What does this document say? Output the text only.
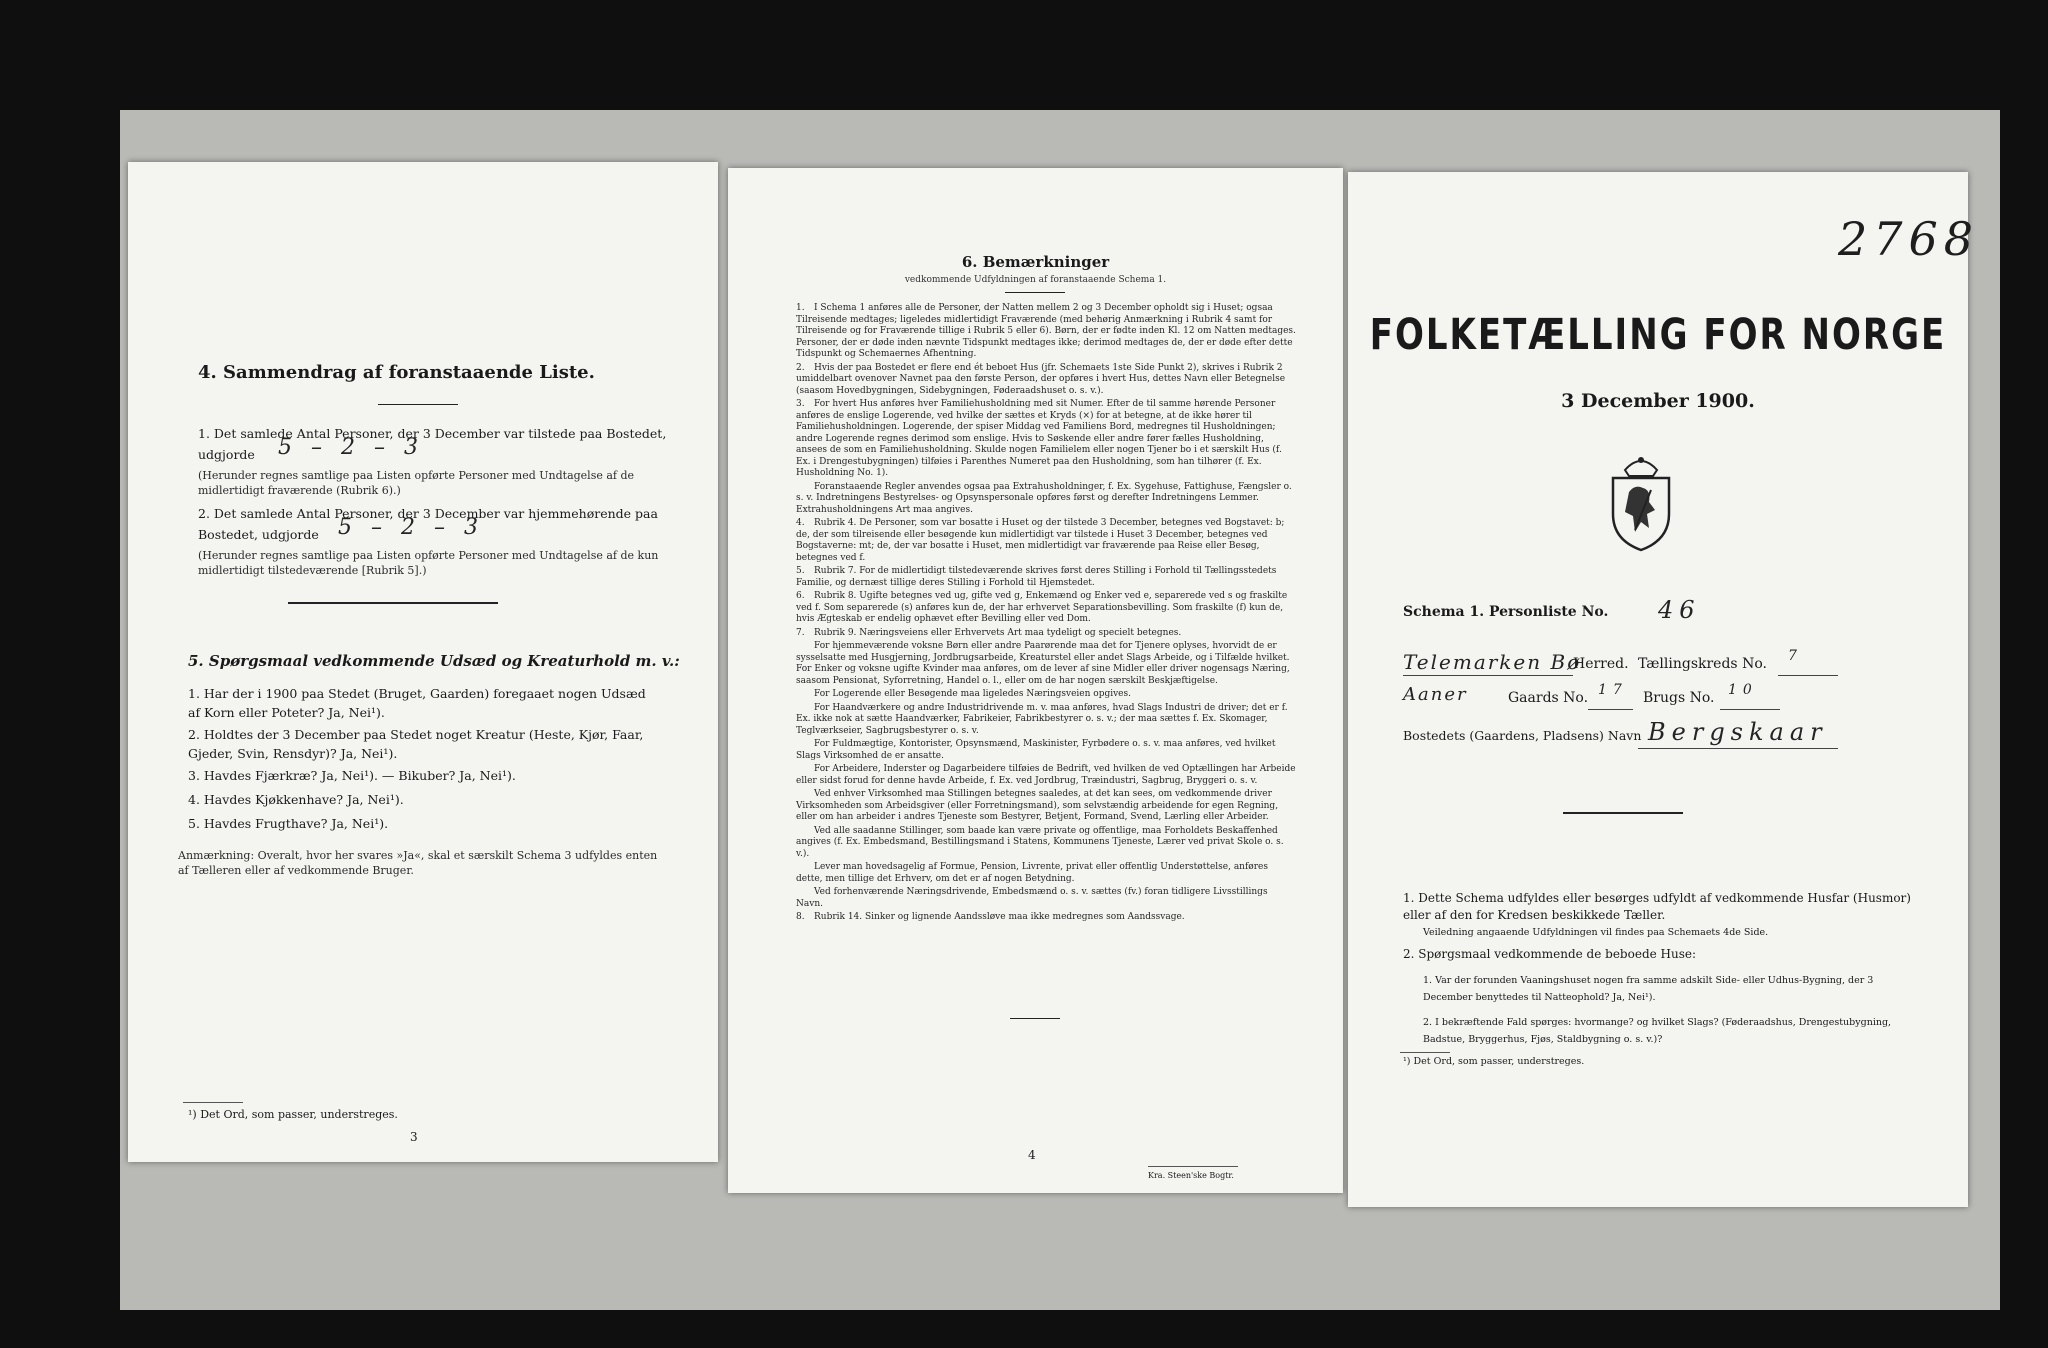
4. Sammendrag af foranstaaende Liste.
1. Det samlede Antal Personer, der 3 December var tilstede paa Bostedet,
udgjorde 5 – 2 – 3
(Herunder regnes samtlige paa Listen opførte Personer med Undtagelse af de midlertidigt fraværende (Rubrik 6).)
2. Det samlede Antal Personer, der 3 December var hjemmehørende paa
Bostedet, udgjorde 5 – 2 – 3
(Herunder regnes samtlige paa Listen opførte Personer med Undtagelse af de kun midlertidigt tilstedeværende [Rubrik 5].)
5. Spørgsmaal vedkommende Udsæd og Kreaturhold m. v.:
1. Har der i 1900 paa Stedet (Bruget, Gaarden) foregaaet nogen Udsæd af Korn eller Poteter? Ja, Nei¹).
2. Holdtes der 3 December paa Stedet noget Kreatur (Heste, Kjør, Faar, Gjeder, Svin, Rensdyr)? Ja, Nei¹).
3. Havdes Fjærkræ? Ja, Nei¹). — Bikuber? Ja, Nei¹).
4. Havdes Kjøkkenhave? Ja, Nei¹).
5. Havdes Frugthave? Ja, Nei¹).
Anmærkning: Overalt, hvor her svares »Ja«, skal et særskilt Schema 3 udfyldes enten af Tælleren eller af vedkommende Bruger.
¹) Det Ord, som passer, understreges.
3
6. Bemærkninger
vedkommende Udfyldningen af foranstaaende Schema 1.
1. I Schema 1 anføres alle de Personer, der Natten mellem 2 og 3 December opholdt sig i Huset; ogsaa Tilreisende medtages; ligeledes midlertidigt Fraværende (med behørig Anmærkning i Rubrik 4 samt for Tilreisende og for Fraværende tillige i Rubrik 5 eller 6). Børn, der er fødte inden Kl. 12 om Natten medtages. Personer, der er døde inden nævnte Tidspunkt medtages ikke; derimod medtages de, der er døde efter dette Tidspunkt og Schemaernes Afhentning.
2. Hvis der paa Bostedet er flere end ét beboet Hus (jfr. Schemaets 1ste Side Punkt 2), skrives i Rubrik 2 umiddelbart ovenover Navnet paa den første Person, der opføres i hvert Hus, dettes Navn eller Betegnelse (saasom Hovedbygningen, Sidebygningen, Føderaadshuset o. s. v.).
3. For hvert Hus anføres hver Familiehusholdning med sit Numer. Efter de til samme hørende Personer anføres de enslige Logerende, ved hvilke der sættes et Kryds (×) for at betegne, at de ikke hører til Familiehusholdningen. Logerende, der spiser Middag ved Familiens Bord, medregnes til Husholdningen; andre Logerende regnes derimod som enslige. Hvis to Søskende eller andre fører fælles Husholdning, ansees de som en Familiehusholdning. Skulde nogen Familielem eller nogen Tjener bo i et særskilt Hus (f. Ex. i Drengestubygningen) tilføies i Parenthes Numeret paa den Husholdning, som han tilhører (f. Ex. Husholdning No. 1).
Foranstaaende Regler anvendes ogsaa paa Extrahusholdninger, f. Ex. Sygehuse, Fattighuse, Fængsler o. s. v. Indretningens Bestyrelses- og Opsynspersonale opføres først og derefter Indretningens Lemmer. Extrahusholdningens Art maa angives.
4. Rubrik 4. De Personer, som var bosatte i Huset og der tilstede 3 December, betegnes ved Bogstavet: b; de, der som tilreisende eller besøgende kun midlertidigt var tilstede i Huset 3 December, betegnes ved Bogstaverne: mt; de, der var bosatte i Huset, men midlertidigt var fraværende paa Reise eller Besøg, betegnes ved f.
5. Rubrik 7. For de midlertidigt tilstedeværende skrives først deres Stilling i Forhold til Tællingsstedets Familie, og dernæst tillige deres Stilling i Forhold til Hjemstedet.
6. Rubrik 8. Ugifte betegnes ved ug, gifte ved g, Enkemænd og Enker ved e, separerede ved s og fraskilte ved f. Som separerede (s) anføres kun de, der har erhvervet Separationsbevilling. Som fraskilte (f) kun de, hvis Ægteskab er endelig ophævet efter Bevilling eller ved Dom.
7. Rubrik 9. Næringsveiens eller Erhvervets Art maa tydeligt og specielt betegnes.
For hjemmeværende voksne Børn eller andre Paarørende maa det for Tjenere oplyses, hvorvidt de er sysselsatte med Husgjerning, Jordbrugsarbeide, Kreaturstel eller andet Slags Arbeide, og i Tilfælde hvilket. For Enker og voksne ugifte Kvinder maa anføres, om de lever af sine Midler eller driver nogensags Næring, saasom Pensionat, Syforretning, Handel o. l., eller om de har nogen særskilt Beskjæftigelse.
For Logerende eller Besøgende maa ligeledes Næringsveien opgives.
For Haandværkere og andre Industridrivende m. v. maa anføres, hvad Slags Industri de driver; det er f. Ex. ikke nok at sætte Haandværker, Fabrikeier, Fabrikbestyrer o. s. v.; der maa sættes f. Ex. Skomager, Teglværkseier, Sagbrugsbestyrer o. s. v.
For Fuldmægtige, Kontorister, Opsynsmænd, Maskinister, Fyrbødere o. s. v. maa anføres, ved hvilket Slags Virksomhed de er ansatte.
For Arbeidere, Inderster og Dagarbeidere tilføies de Bedrift, ved hvilken de ved Optællingen har Arbeide eller sidst forud for denne havde Arbeide, f. Ex. ved Jordbrug, Træindustri, Sagbrug, Bryggeri o. s. v.
Ved enhver Virksomhed maa Stillingen betegnes saaledes, at det kan sees, om vedkommende driver Virksomheden som Arbeidsgiver (eller Forretningsmand), som selvstændig arbeidende for egen Regning, eller om han arbeider i andres Tjeneste som Bestyrer, Betjent, Formand, Svend, Lærling eller Arbeider.
Ved alle saadanne Stillinger, som baade kan være private og offentlige, maa Forholdets Beskaffenhed angives (f. Ex. Embedsmand, Bestillingsmand i Statens, Kommunens Tjeneste, Lærer ved privat Skole o. s. v.).
Lever man hovedsagelig af Formue, Pension, Livrente, privat eller offentlig Understøttelse, anføres dette, men tillige det Erhverv, om det er af nogen Betydning.
Ved forhenværende Næringsdrivende, Embedsmænd o. s. v. sættes (fv.) foran tidligere Livsstillings Navn.
8. Rubrik 14. Sinker og lignende Aandssløve maa ikke medregnes som Aandssvage.
4
Kra. Steen'ske Bogtr.
2768
FOLKETÆLLING FOR NORGE
3 December 1900.
Schema 1. Personliste No. 46
Telemarken Bø
Herred. Tællingskreds No. 7
Aaner	Gaards No. 17 Brugs No. 10
Bostedets (Gaardens, Pladsens) Navn Bergskaar
1. Dette Schema udfyldes eller besørges udfyldt af vedkommende Husfar (Husmor) eller af den for Kredsen beskikkede Tæller.
Veiledning angaaende Udfyldningen vil findes paa Schemaets 4de Side.
2. Spørgsmaal vedkommende de beboede Huse:
1. Var der forunden Vaaningshuset nogen fra samme adskilt Side- eller Udhus-Bygning, der 3 December benyttedes til Natteophold? Ja, Nei¹).
2. I bekræftende Fald spørges: hvormange? og hvilket Slags? (Føderaadshus, Drengestubygning, Badstue, Bryggerhus, Fjøs, Staldbygning o. s. v.)?
¹) Det Ord, som passer, understreges.
